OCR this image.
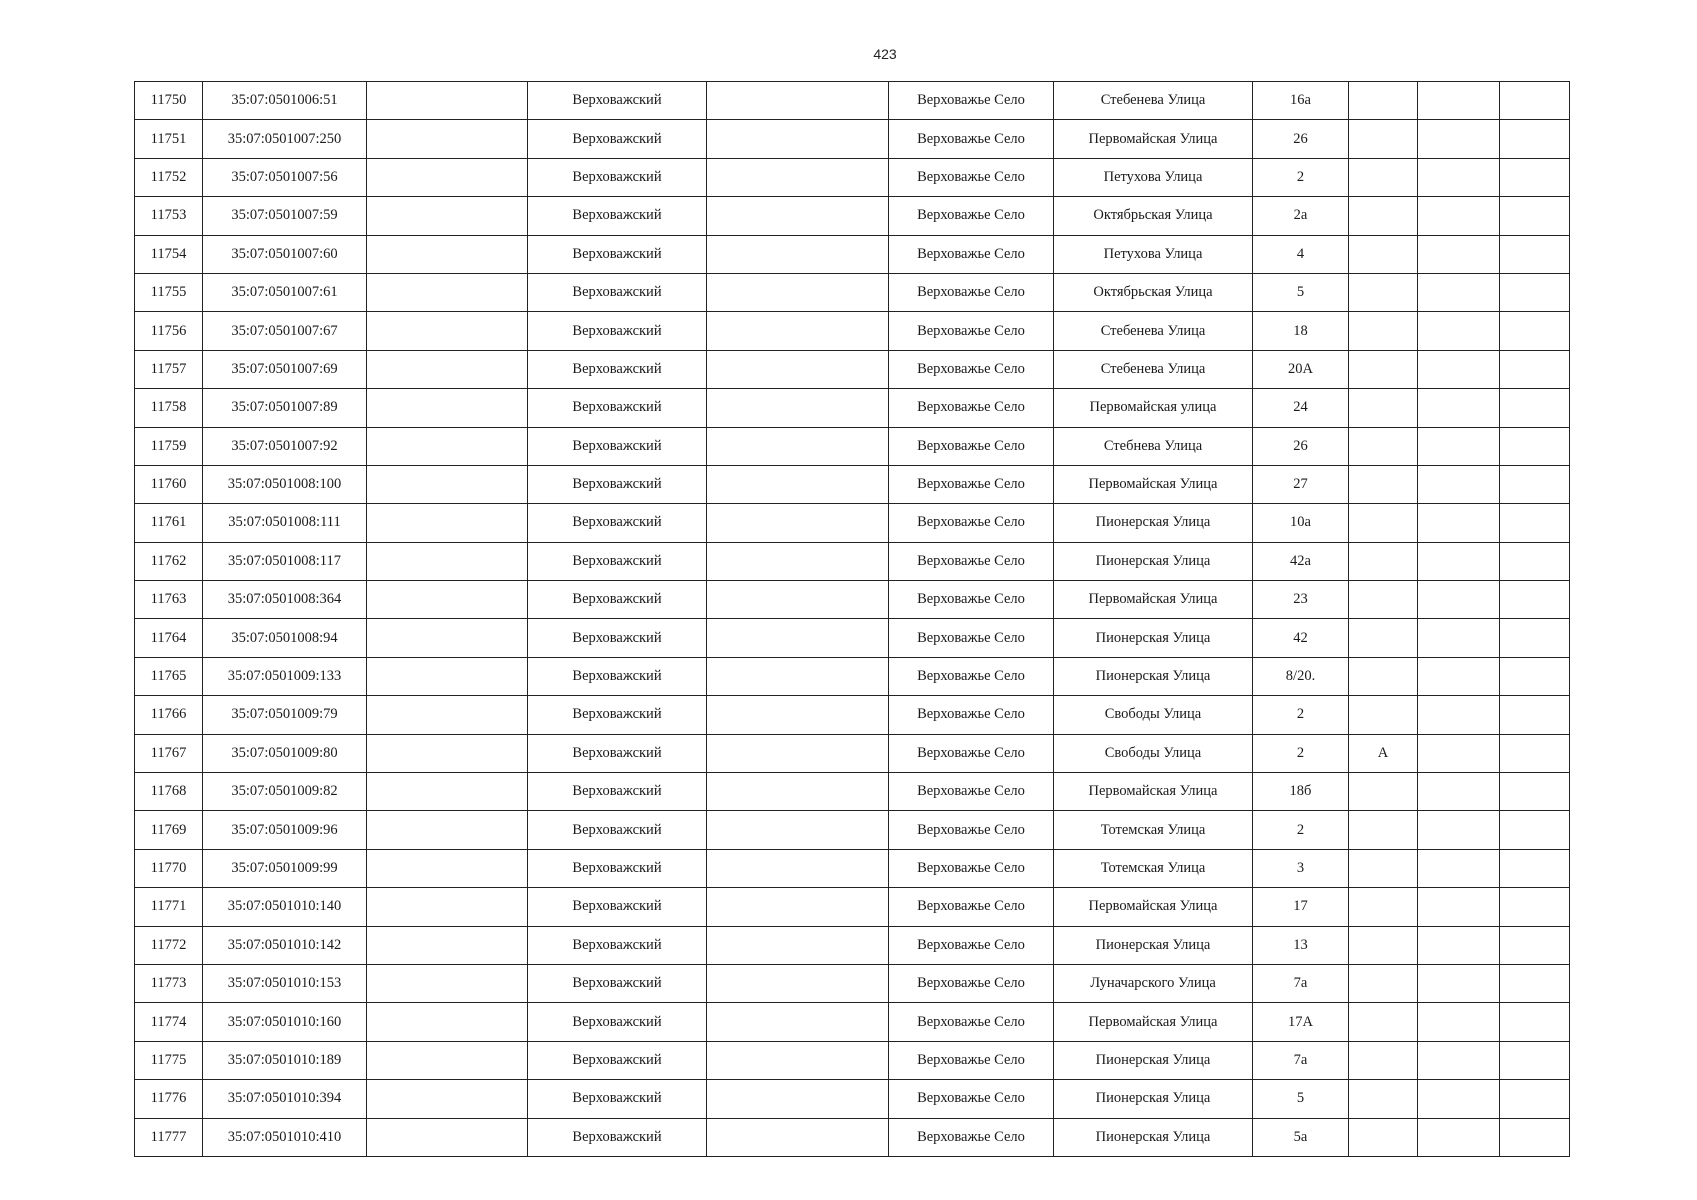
423
11750	35:07:0501006:51		Верховажский		Верховажье Село	Стебенева Улица	16а			
11751	35:07:0501007:250		Верховажский		Верховажье Село	Первомайская Улица	26			
11752	35:07:0501007:56		Верховажский		Верховажье Село	Петухова Улица	2			
11753	35:07:0501007:59		Верховажский		Верховажье Село	Октябрьская Улица	2а			
11754	35:07:0501007:60		Верховажский		Верховажье Село	Петухова Улица	4			
11755	35:07:0501007:61		Верховажский		Верховажье Село	Октябрьская Улица	5			
11756	35:07:0501007:67		Верховажский		Верховажье Село	Стебенева Улица	18			
11757	35:07:0501007:69		Верховажский		Верховажье Село	Стебенева Улица	20А			
11758	35:07:0501007:89		Верховажский		Верховажье Село	Первомайская улица	24			
11759	35:07:0501007:92		Верховажский		Верховажье Село	Стебнева Улица	26			
11760	35:07:0501008:100		Верховажский		Верховажье Село	Первомайская Улица	27			
11761	35:07:0501008:111		Верховажский		Верховажье Село	Пионерская Улица	10а			
11762	35:07:0501008:117		Верховажский		Верховажье Село	Пионерская Улица	42а			
11763	35:07:0501008:364		Верховажский		Верховажье Село	Первомайская Улица	23			
11764	35:07:0501008:94		Верховажский		Верховажье Село	Пионерская Улица	42			
11765	35:07:0501009:133		Верховажский		Верховажье Село	Пионерская Улица	8/20.			
11766	35:07:0501009:79		Верховажский		Верховажье Село	Свободы Улица	2			
11767	35:07:0501009:80		Верховажский		Верховажье Село	Свободы Улица	2	А		
11768	35:07:0501009:82		Верховажский		Верховажье Село	Первомайская Улица	18б			
11769	35:07:0501009:96		Верховажский		Верховажье Село	Тотемская Улица	2			
11770	35:07:0501009:99		Верховажский		Верховажье Село	Тотемская Улица	3			
11771	35:07:0501010:140		Верховажский		Верховажье Село	Первомайская Улица	17			
11772	35:07:0501010:142		Верховажский		Верховажье Село	Пионерская Улица	13			
11773	35:07:0501010:153		Верховажский		Верховажье Село	Луначарского Улица	7а			
11774	35:07:0501010:160		Верховажский		Верховажье Село	Первомайская Улица	17А			
11775	35:07:0501010:189		Верховажский		Верховажье Село	Пионерская Улица	7а			
11776	35:07:0501010:394		Верховажский		Верховажье Село	Пионерская Улица	5			
11777	35:07:0501010:410		Верховажский		Верховажье Село	Пионерская Улица	5а			
